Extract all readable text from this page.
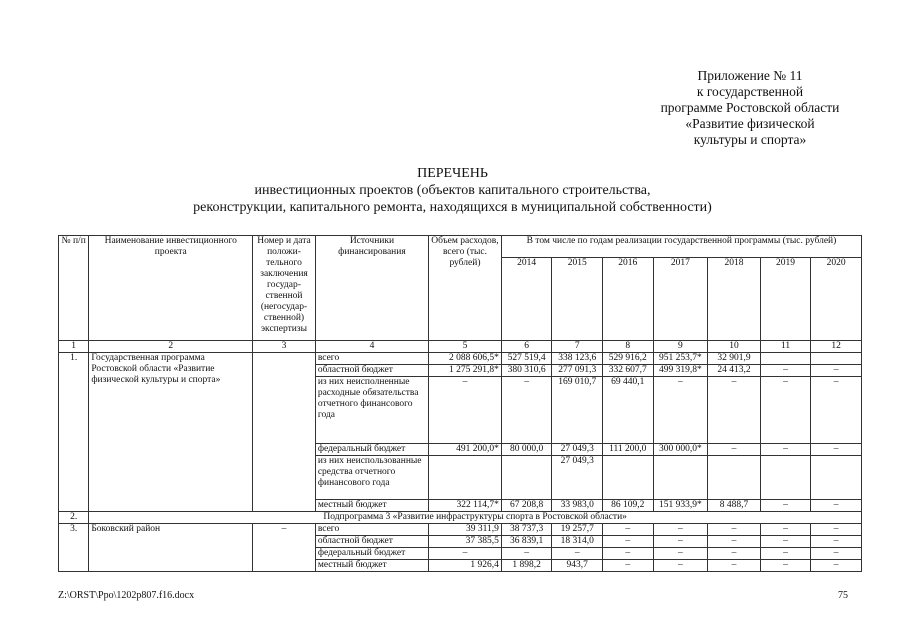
Приложение № 11
к государственной
программе Ростовской области
«Развитие физической
культуры и спорта»
ПЕРЕЧЕНЬ
инвестиционных проектов (объектов капитального строительства,
реконструкции, капитального ремонта, находящихся в муниципальной собственности)
№ п/п	Наименование инвестиционного проекта	Номер и дата положи- тельного заключения государ- ственной (негосудар- ственной) экспертизы	Источники финансирования	Объем расходов, всего (тыс. рублей)	В том числе по годам реализации государственной программы (тыс. рублей)						
					2014	2015	2016	2017	2018	2019	2020
1	2	3	4	5	6	7	8	9	10	11	12
1.	Государственная программа Ростовской области «Развитие физической культуры и спорта»		всего	2 088 606,5*	527 519,4	338 123,6	529 916,2	951 253,7*	32 901,9		
			областной бюджет	1 275 291,8*	380 310,6	277 091,3	332 607,7	499 319,8*	24 413,2	–	–
			из них неисполненные расходные обязательства отчетного финансового года	–	–	169 010,7	69 440,1	–	–	–	–
			федеральный бюджет	491 200,0*	80 000,0	27 049,3	111 200,0	300 000,0*	–	–	–
			из них неиспользованные средства отчетного финансового года			27 049,3					
			местный бюджет	322 114,7*	67 208,8	33 983,0	86 109,2	151 933,9*	8 488,7	–	–
2.	Подпрограмма 3 «Развитие инфраструктуры спорта в Ростовской области»										
3.	Боковский район	–	всего	39 311,9	38 737,3	19 257,7	–	–	–	–	–
			областной бюджет	37 385,5	36 839,1	18 314,0	–	–	–	–	–
			федеральный бюджет	–	–	–	–	–	–	–	–
			местный бюджет	1 926,4	1 898,2	943,7	–	–	–	–	–
Z:\ORST\Ppo\1202p807.f16.docx	75
